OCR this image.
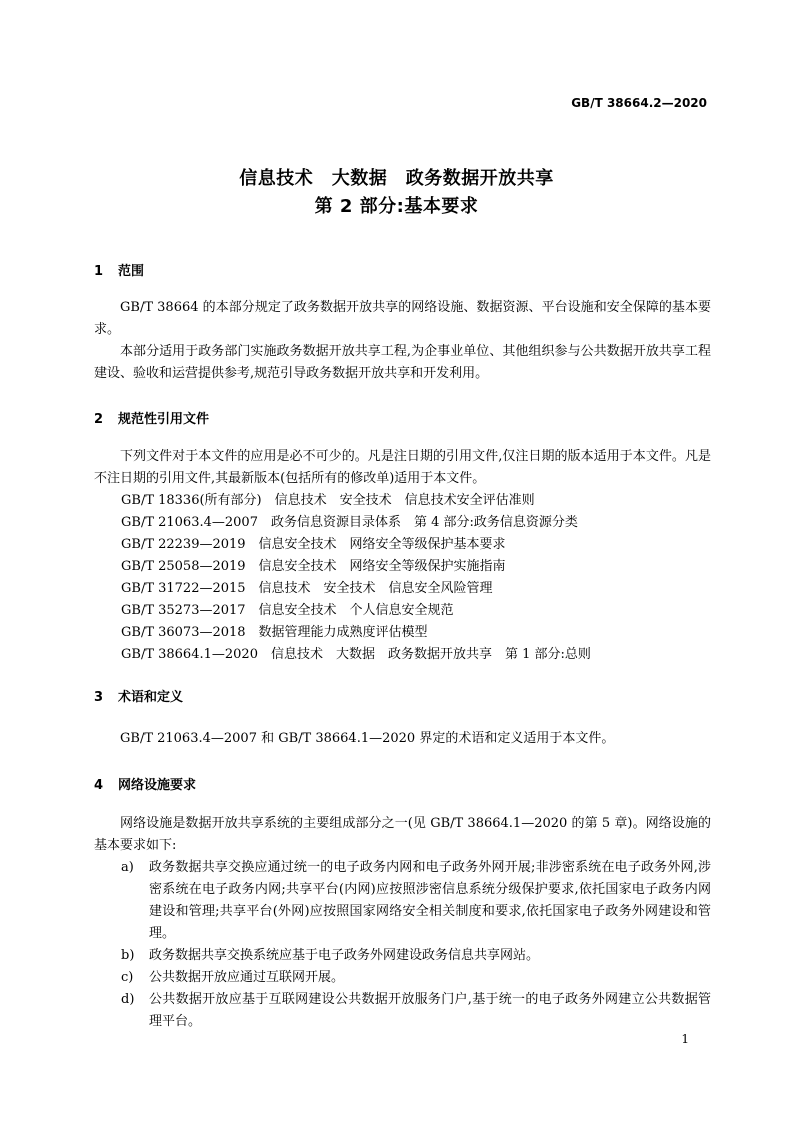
GB/T 38664.2—2020
信息技术　大数据　政务数据开放共享
第 2 部分:基本要求
1 范围
GB/T 38664 的本部分规定了政务数据开放共享的网络设施、数据资源、平台设施和安全保障的基本要求。
本部分适用于政务部门实施政务数据开放共享工程,为企事业单位、其他组织参与公共数据开放共享工程建设、验收和运营提供参考,规范引导政务数据开放共享和开发利用。
2 规范性引用文件
下列文件对于本文件的应用是必不可少的。凡是注日期的引用文件,仅注日期的版本适用于本文件。凡是不注日期的引用文件,其最新版本(包括所有的修改单)适用于本文件。
GB/T 18336(所有部分)　信息技术　安全技术　信息技术安全评估准则
GB/T 21063.4—2007　政务信息资源目录体系　第 4 部分:政务信息资源分类
GB/T 22239—2019　信息安全技术　网络安全等级保护基本要求
GB/T 25058—2019　信息安全技术　网络安全等级保护实施指南
GB/T 31722—2015　信息技术　安全技术　信息安全风险管理
GB/T 35273—2017　信息安全技术　个人信息安全规范
GB/T 36073—2018　数据管理能力成熟度评估模型
GB/T 38664.1—2020　信息技术　大数据　政务数据开放共享　第 1 部分:总则
3 术语和定义
GB/T 21063.4—2007 和 GB/T 38664.1—2020 界定的术语和定义适用于本文件。
4 网络设施要求
网络设施是数据开放共享系统的主要组成部分之一(见 GB/T 38664.1—2020 的第 5 章)。网络设施的基本要求如下:
a)	政务数据共享交换应通过统一的电子政务内网和电子政务外网开展;非涉密系统在电子政务外网,涉密系统在电子政务内网;共享平台(内网)应按照涉密信息系统分级保护要求,依托国家电子政务内网建设和管理;共享平台(外网)应按照国家网络安全相关制度和要求,依托国家电子政务外网建设和管理。
b)	政务数据共享交换系统应基于电子政务外网建设政务信息共享网站。
c)	公共数据开放应通过互联网开展。
d)	公共数据开放应基于互联网建设公共数据开放服务门户,基于统一的电子政务外网建立公共数据管理平台。
1
